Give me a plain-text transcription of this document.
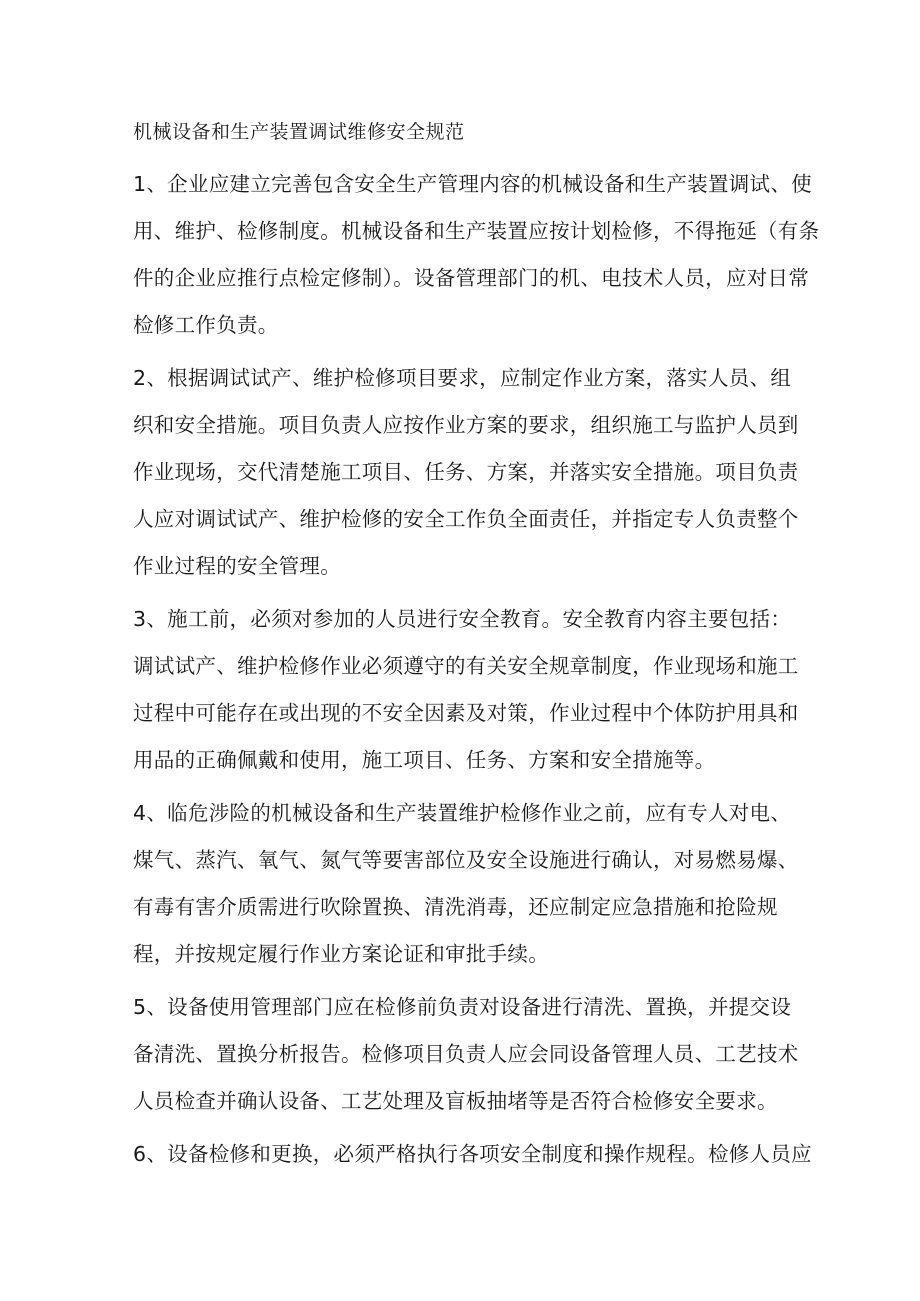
机械设备和生产装置调试维修安全规范
1、企业应建立完善包含安全生产管理内容的机械设备和生产装置调试、使
用、维护、检修制度。机械设备和生产装置应按计划检修，不得拖延（有条
件的企业应推行点检定修制）。设备管理部门的机、电技术人员，应对日常
检修工作负责。
2、根据调试试产、维护检修项目要求，应制定作业方案，落实人员、组
织和安全措施。项目负责人应按作业方案的要求，组织施工与监护人员到
作业现场，交代清楚施工项目、任务、方案，并落实安全措施。项目负责
人应对调试试产、维护检修的安全工作负全面责任，并指定专人负责整个
作业过程的安全管理。
3、施工前，必须对参加的人员进行安全教育。安全教育内容主要包括：
调试试产、维护检修作业必须遵守的有关安全规章制度，作业现场和施工
过程中可能存在或出现的不安全因素及对策，作业过程中个体防护用具和
用品的正确佩戴和使用，施工项目、任务、方案和安全措施等。
4、临危涉险的机械设备和生产装置维护检修作业之前，应有专人对电、
煤气、蒸汽、氧气、氮气等要害部位及安全设施进行确认，对易燃易爆、
有毒有害介质需进行吹除置换、清洗消毒，还应制定应急措施和抢险规
程，并按规定履行作业方案论证和审批手续。
5、设备使用管理部门应在检修前负责对设备进行清洗、置换，并提交设
备清洗、置换分析报告。检修项目负责人应会同设备管理人员、工艺技术
人员检查并确认设备、工艺处理及盲板抽堵等是否符合检修安全要求。
6、设备检修和更换，必须严格执行各项安全制度和操作规程。检修人员应
